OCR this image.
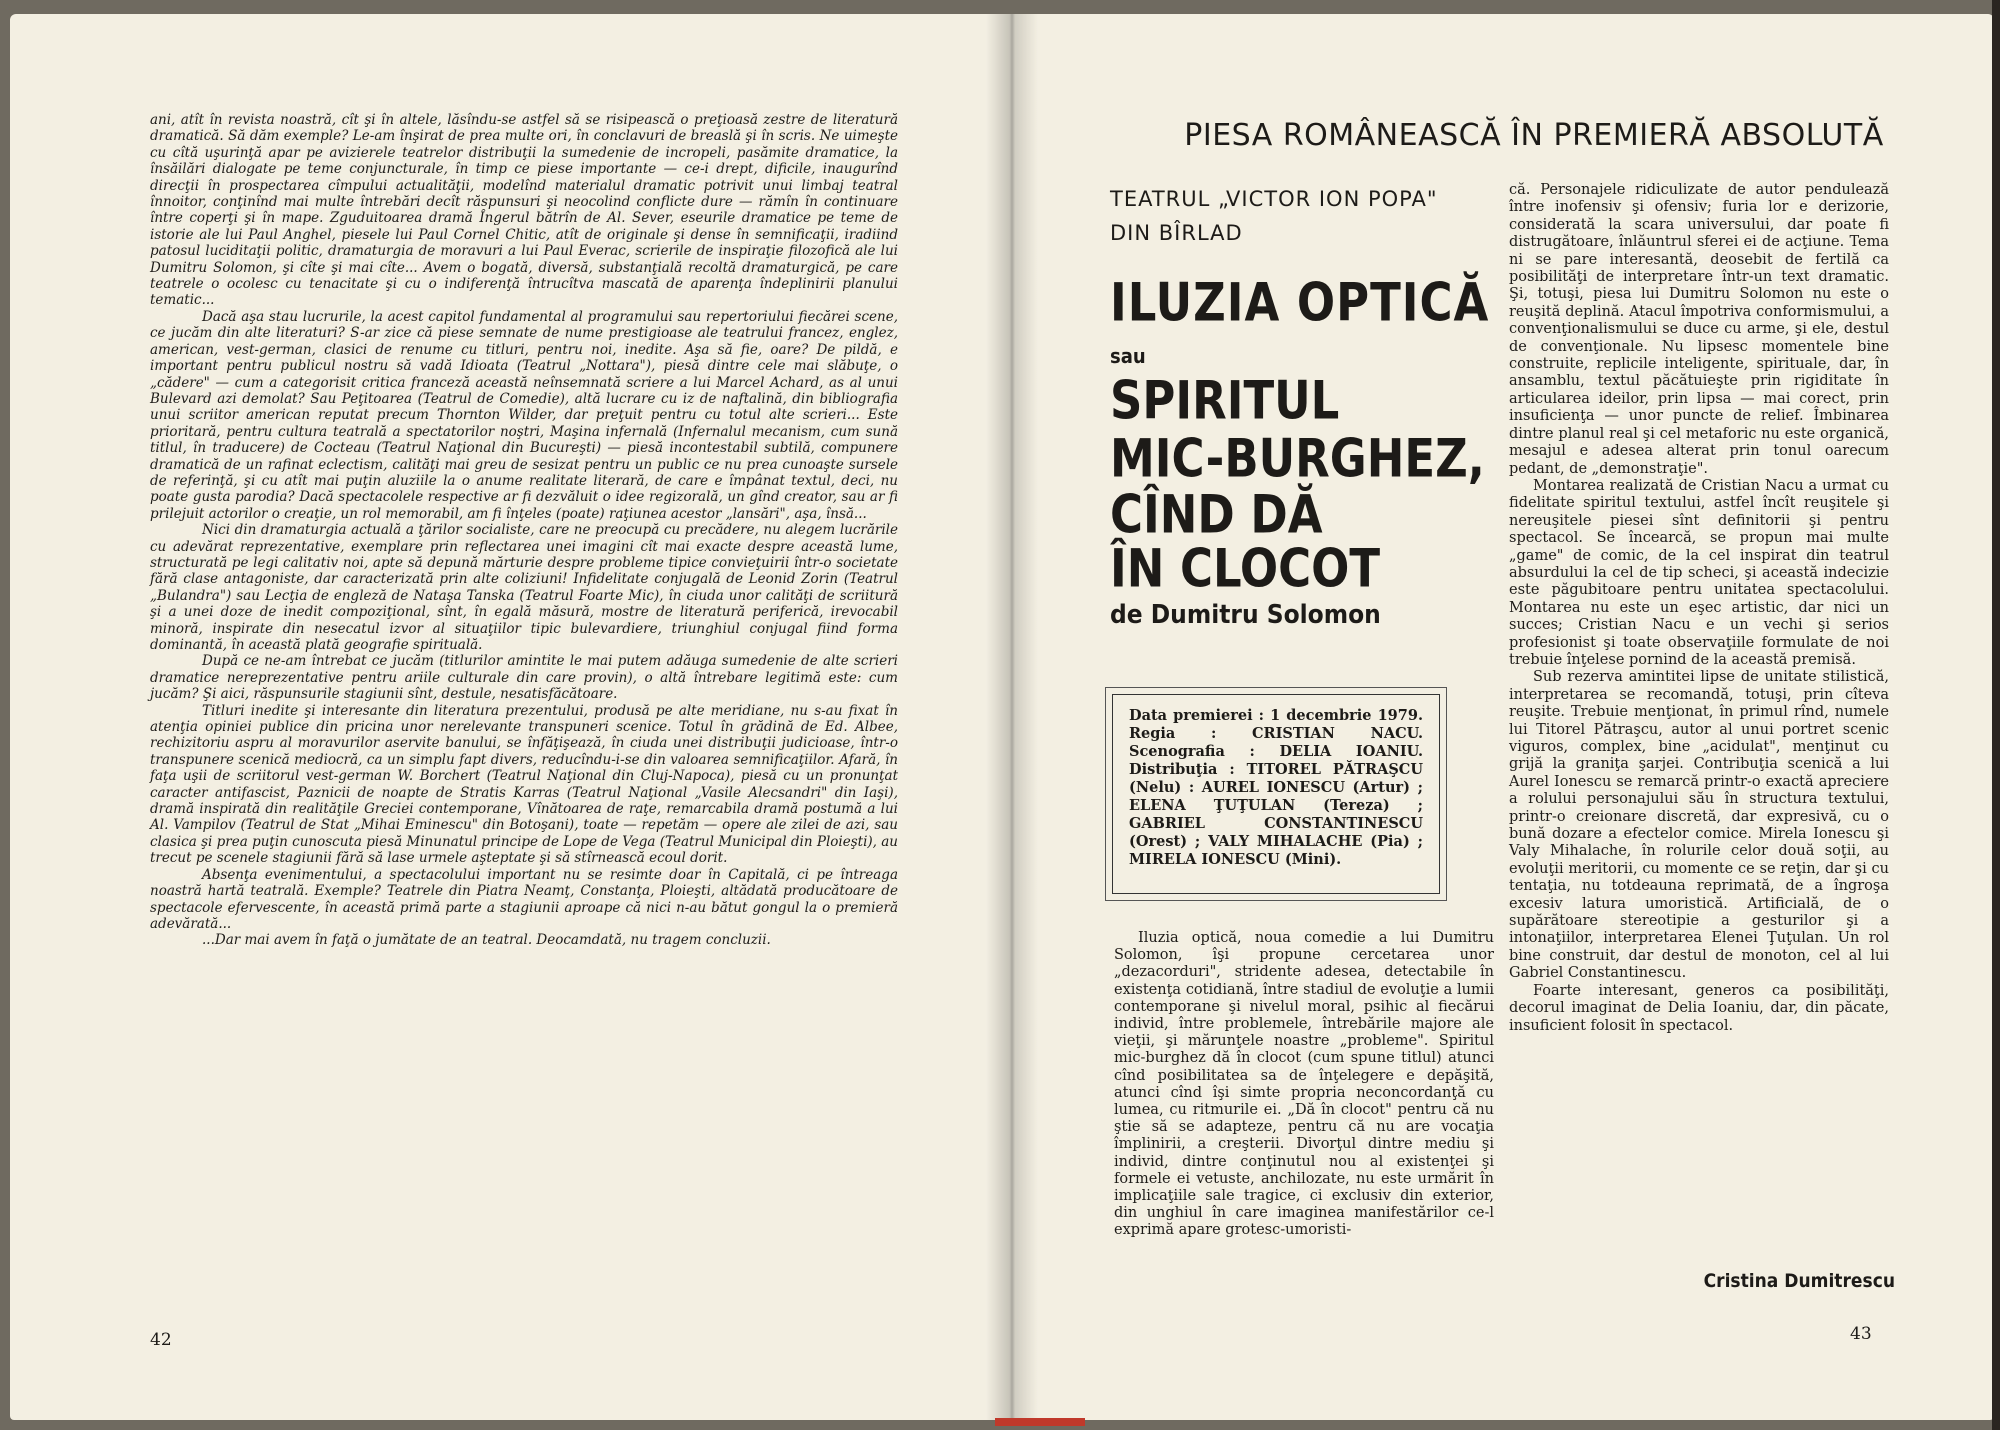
ani, atît în revista noastră, cît şi în altele, lăsîndu-se astfel să se risipească o preţioasă zestre de literatură dramatică. Să dăm exemple? Le-am înşirat de prea multe ori, în conclavuri de breaslă şi în scris. Ne uimeşte cu cîtă uşurinţă apar pe avizierele teatrelor distribuţii la sumedenie de incropeli, pasămite dramatice, la însăilări dialogate pe teme conjuncturale, în timp ce piese importante — ce-i drept, dificile, inaugurînd direcţii în prospectarea cîmpului actualităţii, modelînd materialul dramatic potrivit unui limbaj teatral înnoitor, conţinînd mai multe întrebări decît răspunsuri şi neocolind conflicte dure — rămîn în continuare între coperţi şi în mape. Zguduitoarea dramă Îngerul bătrîn de Al. Sever, eseurile dramatice pe teme de istorie ale lui Paul Anghel, piesele lui Paul Cornel Chitic, atît de originale şi dense în semnificaţii, iradiind patosul luciditaţii politic, dramaturgia de moravuri a lui Paul Everac, scrierile de inspiraţie filozofică ale lui Dumitru Solomon, şi cîte şi mai cîte... Avem o bogată, diversă, substanţială recoltă dramaturgică, pe care teatrele o ocolesc cu tenacitate şi cu o indiferenţă întrucîtva mascată de aparenţa îndeplinirii planului tematic...

Dacă aşa stau lucrurile, la acest capitol fundamental al programului sau repertoriului fiecărei scene, ce jucăm din alte literaturi? S-ar zice că piese semnate de nume prestigioase ale teatrului francez, englez, american, vest-german, clasici de renume cu titluri, pentru noi, inedite. Aşa să fie, oare? De pildă, e important pentru publicul nostru să vadă Idioata (Teatrul „Nottara"), piesă dintre cele mai slăbuţe, o „cădere" — cum a categorisit critica franceză această neînsemnată scriere a lui Marcel Achard, as al unui Bulevard azi demolat? Sau Peţitoarea (Teatrul de Comedie), altă lucrare cu iz de naftalină, din bibliografia unui scriitor american reputat precum Thornton Wilder, dar preţuit pentru cu totul alte scrieri... Este prioritară, pentru cultura teatrală a spectatorilor noştri, Maşina infernală (Infernalul mecanism, cum sună titlul, în traducere) de Cocteau (Teatrul Naţional din Bucureşti) — piesă incontestabil subtilă, compunere dramatică de un rafinat eclectism, calităţi mai greu de sesizat pentru un public ce nu prea cunoaşte sursele de referinţă, şi cu atît mai puţin aluziile la o anume realitate literară, de care e împânat textul, deci, nu poate gusta parodia? Dacă spectacolele respective ar fi dezvăluit o idee regizorală, un gînd creator, sau ar fi prilejuit actorilor o creaţie, un rol memorabil, am fi înţeles (poate) raţiunea acestor „lansări", aşa, însă...

Nici din dramaturgia actuală a ţărilor socialiste, care ne preocupă cu precădere, nu alegem lucrările cu adevărat reprezentative, exemplare prin reflectarea unei imagini cît mai exacte despre această lume, structurată pe legi calitativ noi, apte să depună mărturie despre probleme tipice convieţuirii într-o societate fără clase antagoniste, dar caracterizată prin alte coliziuni! Infidelitate conjugală de Leonid Zorin (Teatrul „Bulandra") sau Lecţia de engleză de Nataşa Tanska (Teatrul Foarte Mic), în ciuda unor calităţi de scriitură şi a unei doze de inedit compoziţional, sînt, în egală măsură, mostre de literatură periferică, irevocabil minoră, inspirate din nesecatul izvor al situaţiilor tipic bulevardiere, triunghiul conjugal fiind forma dominantă, în această plată geografie spirituală.

După ce ne-am întrebat ce jucăm (titlurilor amintite le mai putem adăuga sumedenie de alte scrieri dramatice nereprezentative pentru ariile culturale din care provin), o altă întrebare legitimă este: cum jucăm? Şi aici, răspunsurile stagiunii sînt, destule, nesatisfăcătoare.

Titluri inedite şi interesante din literatura prezentului, produsă pe alte meridiane, nu s-au fixat în atenţia opiniei publice din pricina unor nerelevante transpuneri scenice. Totul în grădină de Ed. Albee, rechizitoriu aspru al moravurilor aservite banului, se înfăţişează, în ciuda unei distribuţii judicioase, într-o transpunere scenică mediocră, ca un simplu fapt divers, reducîndu-i-se din valoarea semnificaţiilor. Afară, în faţa uşii de scriitorul vest-german W. Borchert (Teatrul Naţional din Cluj-Napoca), piesă cu un pronunţat caracter antifascist, Paznicii de noapte de Stratis Karras (Teatrul Naţional „Vasile Alecsandri" din Iaşi), dramă inspirată din realităţile Greciei contemporane, Vînătoarea de raţe, remarcabila dramă postumă a lui Al. Vampilov (Teatrul de Stat „Mihai Eminescu" din Botoşani), toate — repetăm — opere ale zilei de azi, sau clasica şi prea puţin cunoscuta piesă Minunatul principe de Lope de Vega (Teatrul Municipal din Ploieşti), au trecut pe scenele stagiunii fără să lase urmele aşteptate şi să stîrnească ecoul dorit.

Absenţa evenimentului, a spectacolului important nu se resimte doar în Capitală, ci pe întreaga noastră hartă teatrală. Exemple? Teatrele din Piatra Neamţ, Constanţa, Ploieşti, altădată producătoare de spectacole efervescente, în această primă parte a stagiunii aproape că nici n-au bătut gongul la o premieră adevărată...

...Dar mai avem în faţă o jumătate de an teatral. Deocamdată, nu tragem concluzii.

42
PIESA ROMÂNEASCĂ ÎN PREMIERĂ ABSOLUTĂ
TEATRUL „VICTOR ION POPA"
DIN BÎRLAD
ILUZIA OPTICĂ
sau
SPIRITUL
MIC-BURGHEZ,
CÎND DĂ
ÎN CLOCOT
de Dumitru Solomon
Data premierei : 1 decembrie 1979. Regia : CRISTIAN NACU. Scenografia : DELIA IOANIU. Distribuţia : TITOREL PĂTRAŞCU (Nelu) : AUREL IONESCU (Artur) ; ELENA ŢUŢULAN (Tereza) ; GABRIEL CONSTANTINESCU (Orest) ; VALY MIHALACHE (Pia) ; MIRELA IONESCU (Mini).

Iluzia optică, noua comedie a lui Dumitru Solomon, îşi propune cercetarea unor „dezacorduri", stridente adesea, detectabile în existenţa cotidiană, între stadiul de evoluţie a lumii contemporane şi nivelul moral, psihic al fiecărui individ, între problemele, întrebările majore ale vieţii, şi mărunţele noastre „probleme". Spiritul mic-burghez dă în clocot (cum spune titlul) atunci cînd posibilitatea sa de înţelegere e depăşită, atunci cînd îşi simte propria neconcordanţă cu lumea, cu ritmurile ei. „Dă în clocot" pentru că nu ştie să se adapteze, pentru că nu are vocaţia împlinirii, a creşterii. Divorţul dintre mediu şi individ, dintre conţinutul nou al existenţei şi formele ei vetuste, anchilozate, nu este urmărit în implicaţiile sale tragice, ci exclusiv din exterior, din unghiul în care imaginea manifestărilor ce-l exprimă apare grotesc-umoristi-

că. Personajele ridiculizate de autor pendulează între inofensiv şi ofensiv; furia lor e derizorie, considerată la scara universului, dar poate fi distrugătoare, înlăuntrul sferei ei de acţiune. Tema ni se pare interesantă, deosebit de fertilă ca posibilităţi de interpretare într-un text dramatic. Şi, totuşi, piesa lui Dumitru Solomon nu este o reuşită deplină. Atacul împotriva conformismului, a convenţionalismului se duce cu arme, şi ele, destul de convenţionale. Nu lipsesc momentele bine construite, replicile inteligente, spirituale, dar, în ansamblu, textul păcătuieşte prin rigiditate în articularea ideilor, prin lipsa — mai corect, prin insuficienţa — unor puncte de relief. Îmbinarea dintre planul real şi cel metaforic nu este organică, mesajul e adesea alterat prin tonul oarecum pedant, de „demonstraţie".

Montarea realizată de Cristian Nacu a urmat cu fidelitate spiritul textului, astfel încît reuşitele şi nereuşitele piesei sînt definitorii şi pentru spectacol. Se încearcă, se propun mai multe „game" de comic, de la cel inspirat din teatrul absurdului la cel de tip scheci, şi această indecizie este păgubitoare pentru unitatea spectacolului. Montarea nu este un eşec artistic, dar nici un succes; Cristian Nacu e un vechi şi serios profesionist şi toate observaţiile formulate de noi trebuie înţelese pornind de la această premisă.

Sub rezerva amintitei lipse de unitate stilistică, interpretarea se recomandă, totuşi, prin cîteva reuşite. Trebuie menţionat, în primul rînd, numele lui Titorel Pătraşcu, autor al unui portret scenic viguros, complex, bine „acidulat", menţinut cu grijă la graniţa şarjei. Contribuţia scenică a lui Aurel Ionescu se remarcă printr-o exactă apreciere a rolului personajului său în structura textului, printr-o creionare discretă, dar expresivă, cu o bună dozare a efectelor comice. Mirela Ionescu şi Valy Mihalache, în rolurile celor două soţii, au evoluţii meritorii, cu momente ce se reţin, dar şi cu tentaţia, nu totdeauna reprimată, de a îngroşa excesiv latura umoristică. Artificială, de o supărătoare stereotipie a gesturilor şi a intonaţiilor, interpretarea Elenei Ţuţulan. Un rol bine construit, dar destul de monoton, cel al lui Gabriel Constantinescu.

Foarte interesant, generos ca posibilităţi, decorul imaginat de Delia Ioaniu, dar, din păcate, insuficient folosit în spectacol.

Cristina Dumitrescu
43
